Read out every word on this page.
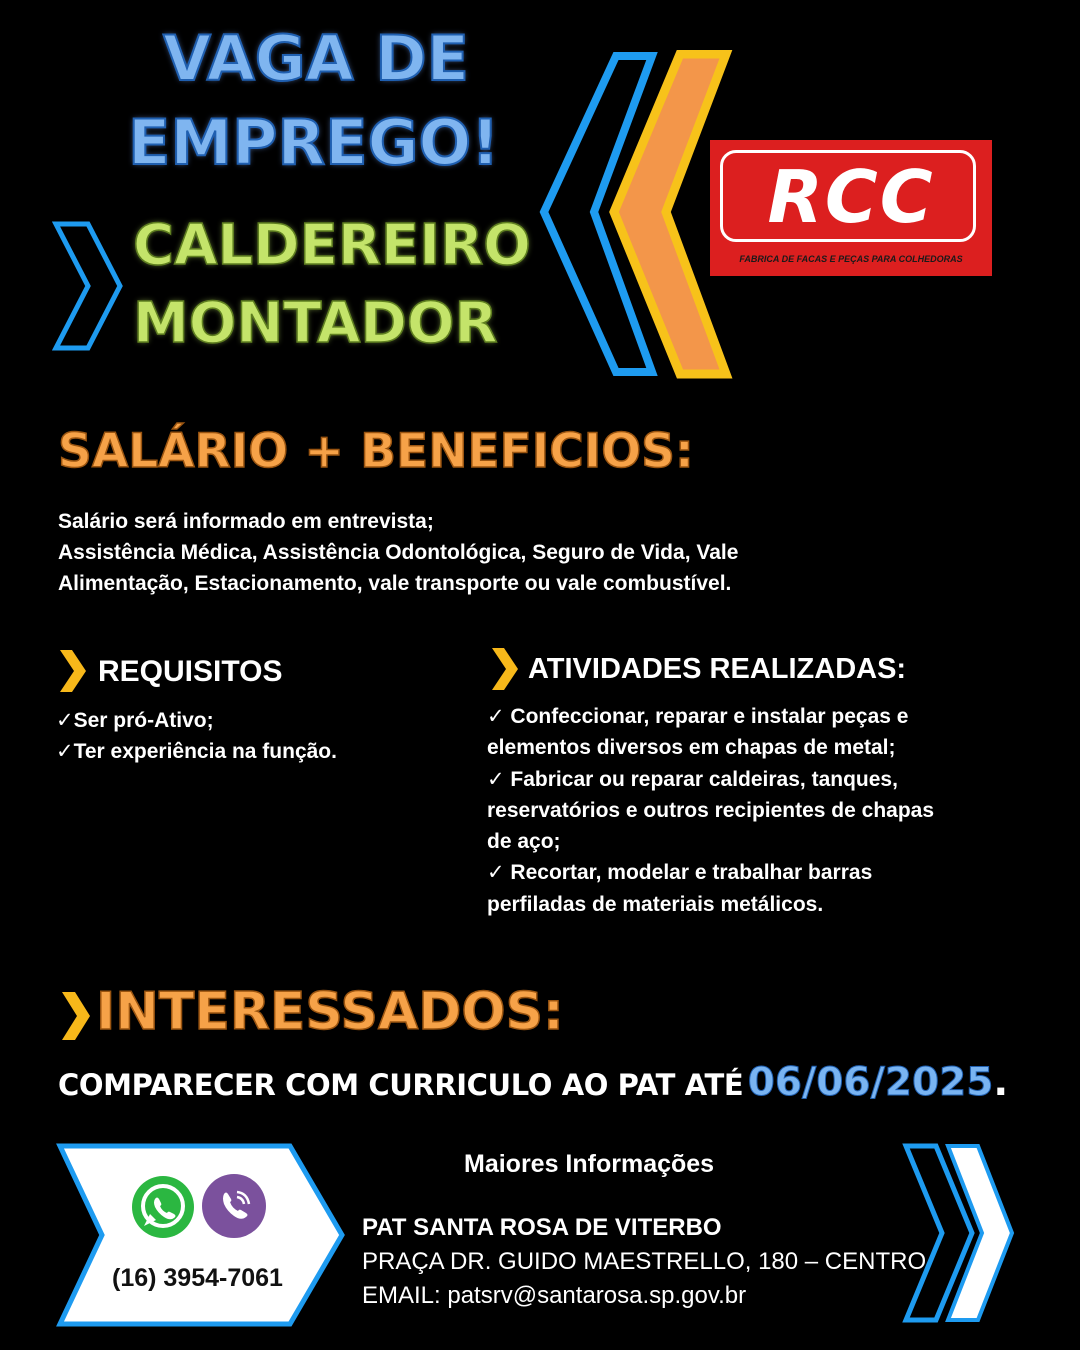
VAGA DE
EMPREGO!
CALDEREIRO
MONTADOR
RCC
FABRICA DE FACAS E PEÇAS PARA COLHEDORAS
SALÁRIO + BENEFICIOS:
Salário será informado em entrevista;
Assistência Médica, Assistência Odontológica, Seguro de Vida, Vale
Alimentação, Estacionamento, vale transporte ou vale combustível.
REQUISITOS
✓Ser pró-Ativo;
✓Ter experiência na função.
ATIVIDADES REALIZADAS:
✓ Confeccionar, reparar e instalar peças e
elementos diversos em chapas de metal;
✓ Fabricar ou reparar caldeiras, tanques,
reservatórios e outros recipientes de chapas
de aço;
✓ Recortar, modelar e trabalhar barras
perfiladas de materiais metálicos.
INTERESSADOS:
COMPARECER COM CURRICULO AO PAT ATÉ 06/06/2025.
(16) 3954-7061
Maiores Informações
PAT SANTA ROSA DE VITERBO
PRAÇA DR. GUIDO MAESTRELLO, 180 – CENTRO
EMAIL: patsrv@santarosa.sp.gov.br
